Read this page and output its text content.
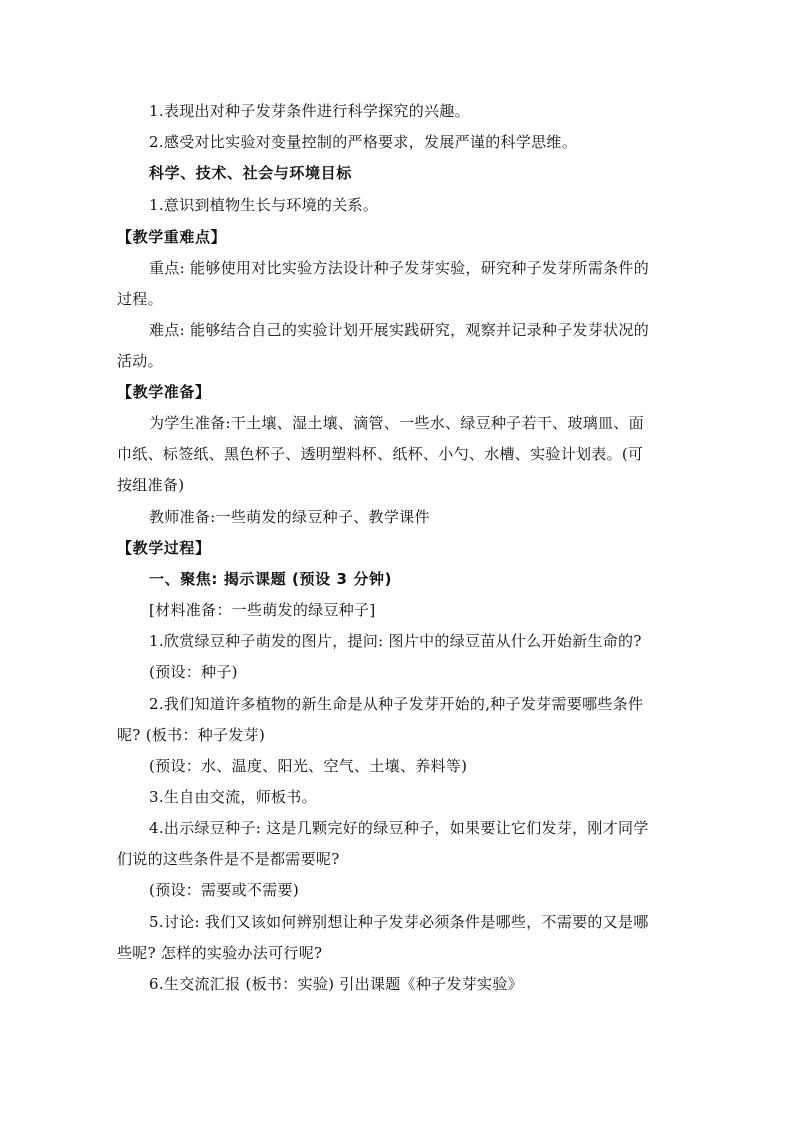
1.表现出对种子发芽条件进行科学探究的兴趣。
2.感受对比实验对变量控制的严格要求，发展严谨的科学思维。
科学、技术、社会与环境目标
1.意识到植物生长与环境的关系。
【教学重难点】
重点: 能够使用对比实验方法设计种子发芽实验，研究种子发芽所需条件的
过程。
难点: 能够结合自己的实验计划开展实践研究，观察并记录种子发芽状况的
活动。
【教学准备】
为学生准备:干土壤、湿土壤、滴管、一些水、绿豆种子若干、玻璃皿、面
巾纸、标签纸、黑色杯子、透明塑料杯、纸杯、小勺、水槽、实验计划表。(可
按组准备)
教师准备:一些萌发的绿豆种子、教学课件
【教学过程】
一、聚焦: 揭示课题 (预设 3 分钟)
[材料准备：一些萌发的绿豆种子]
1.欣赏绿豆种子萌发的图片，提问: 图片中的绿豆苗从什么开始新生命的?
(预设：种子)
2.我们知道许多植物的新生命是从种子发芽开始的,种子发芽需要哪些条件
呢? (板书：种子发芽)
(预设：水、温度、阳光、空气、土壤、养料等)
3.生自由交流，师板书。
4.出示绿豆种子: 这是几颗完好的绿豆种子，如果要让它们发芽，刚才同学
们说的这些条件是不是都需要呢?
(预设：需要或不需要)
5.讨论: 我们又该如何辨别想让种子发芽必须条件是哪些，不需要的又是哪
些呢? 怎样的实验办法可行呢?
6.生交流汇报 (板书：实验) 引出课题《种子发芽实验》
